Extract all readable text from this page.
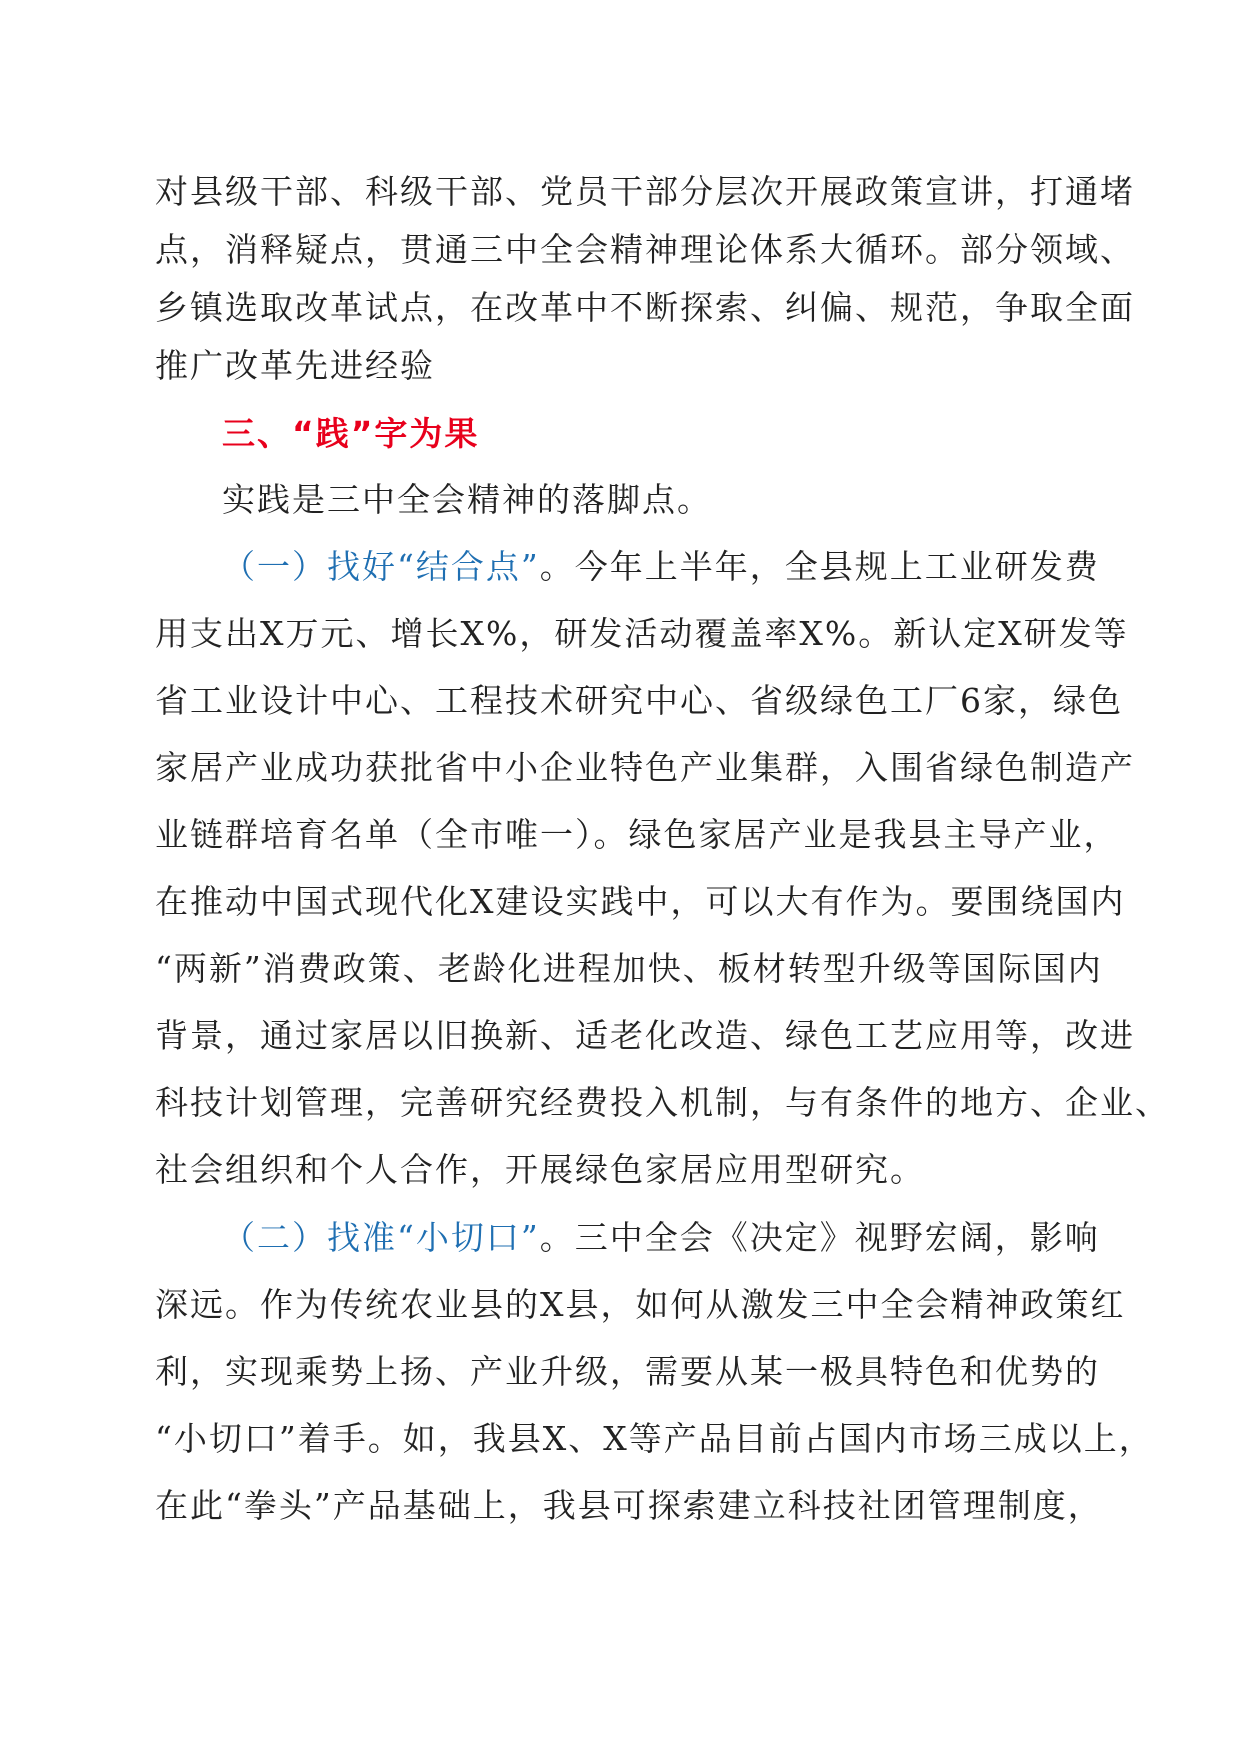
对县级干部、科级干部、党员干部分层次开展政策宣讲，打通堵
点，消释疑点，贯通三中全会精神理论体系大循环。部分领域、
乡镇选取改革试点，在改革中不断探索、纠偏、规范，争取全面
推广改革先进经验
三、“践”字为果
实践是三中全会精神的落脚点。
（一）找好“结合点”。今年上半年，全县规上工业研发费
用支出X万元、增长X%，研发活动覆盖率X%。新认定X研发等
省工业设计中心、工程技术研究中心、省级绿色工厂6家，绿色
家居产业成功获批省中小企业特色产业集群，入围省绿色制造产
业链群培育名单（全市唯一）。绿色家居产业是我县主导产业，
在推动中国式现代化X建设实践中，可以大有作为。要围绕国内
“两新”消费政策、老龄化进程加快、板材转型升级等国际国内
背景，通过家居以旧换新、适老化改造、绿色工艺应用等，改进
科技计划管理，完善研究经费投入机制，与有条件的地方、企业、
社会组织和个人合作，开展绿色家居应用型研究。
（二）找准“小切口”。三中全会《决定》视野宏阔，影响
深远。作为传统农业县的X县，如何从激发三中全会精神政策红
利，实现乘势上扬、产业升级，需要从某一极具特色和优势的
“小切口”着手。如，我县X、X等产品目前占国内市场三成以上，
在此“拳头”产品基础上，我县可探索建立科技社团管理制度，
